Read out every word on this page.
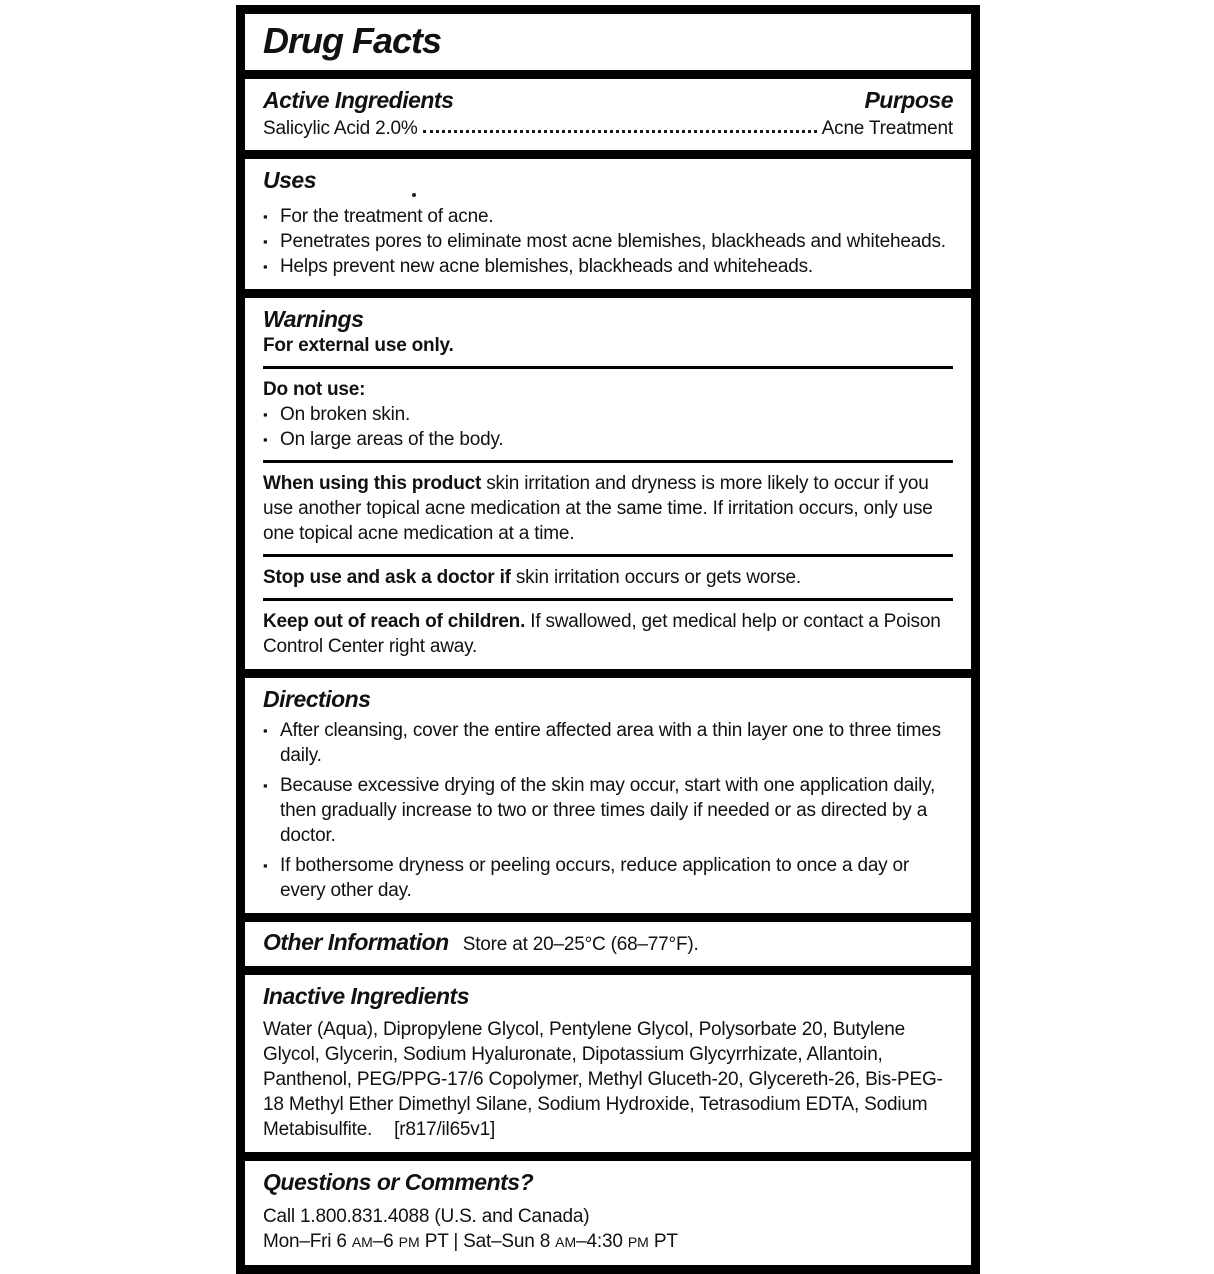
Drug Facts
Active Ingredients	Purpose
Salicylic Acid 2.0%	Acne Treatment
Uses
▪ For the treatment of acne.
▪ Penetrates pores to eliminate most acne blemishes, blackheads and whiteheads.
▪ Helps prevent new acne blemishes, blackheads and whiteheads.
Warnings

For external use only.

Do not use:

▪ On broken skin.
▪ On large areas of the body.

When using this product skin irritation and dryness is more likely to occur if you use another topical acne medication at the same time. If irritation occurs, only use one topical acne medication at a time.

Stop use and ask a doctor if skin irritation occurs or gets worse.

Keep out of reach of children. If swallowed, get medical help or contact a Poison Control Center right away.

Directions
▪ After cleansing, cover the entire affected area with a thin layer one to three times daily.
▪ Because excessive drying of the skin may occur, start with one application daily, then gradually increase to two or three times daily if needed or as directed by a doctor.
▪ If bothersome dryness or peeling occurs, reduce application to once a day or every other day.
Other Information Store at 20–25°C (68–77°F).
Inactive Ingredients

Water (Aqua), Dipropylene Glycol, Pentylene Glycol, Polysorbate 20, Butylene Glycol, Glycerin, Sodium Hyaluronate, Dipotassium Glycyrrhizate, Allantoin, Panthenol, PEG/PPG-17/6 Copolymer, Methyl Gluceth-20, Glycereth-26, Bis-PEG-18 Methyl Ether Dimethyl Silane, Sodium Hydroxide, Tetrasodium EDTA, Sodium Metabisulfite. [r817/il65v1]

Questions or Comments?

Call 1.800.831.4088 (U.S. and Canada)

Mon–Fri 6 AM–6 PM PT | Sat–Sun 8 AM–4:30 PM PT
